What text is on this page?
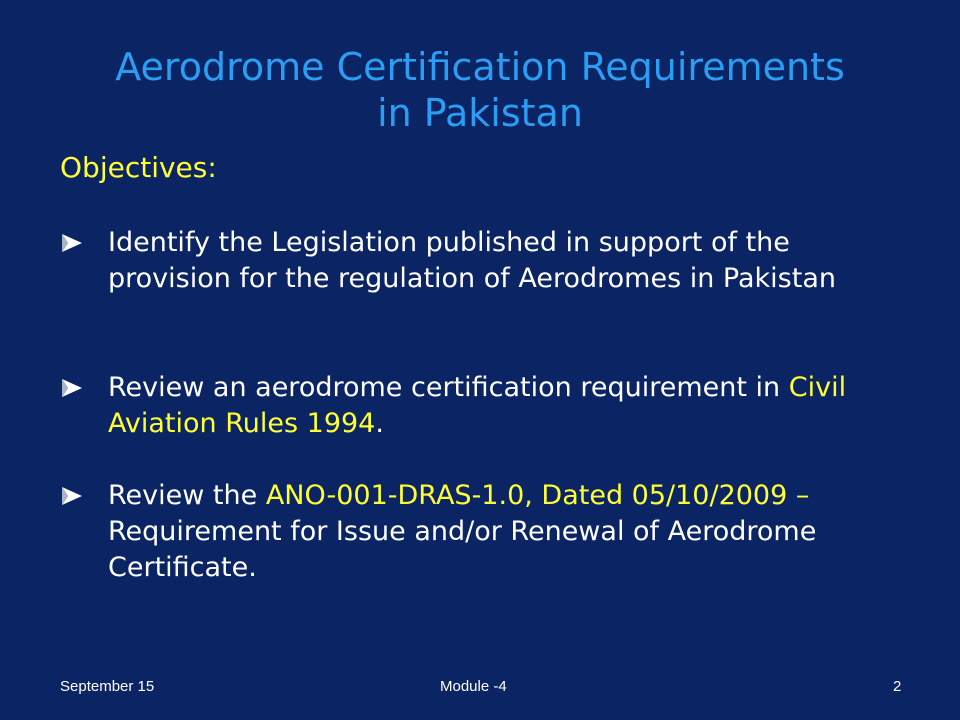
Aerodrome Certification Requirements
in Pakistan
Objectives:
Identify the Legislation published in support of the provision for the regulation of Aerodromes in Pakistan
Review an aerodrome certification requirement in Civil Aviation Rules 1994.
Review the ANO-001-DRAS-1.0, Dated 05/10/2009 – Requirement for Issue and/or Renewal of Aerodrome Certificate.
September 15	Module -4	2
